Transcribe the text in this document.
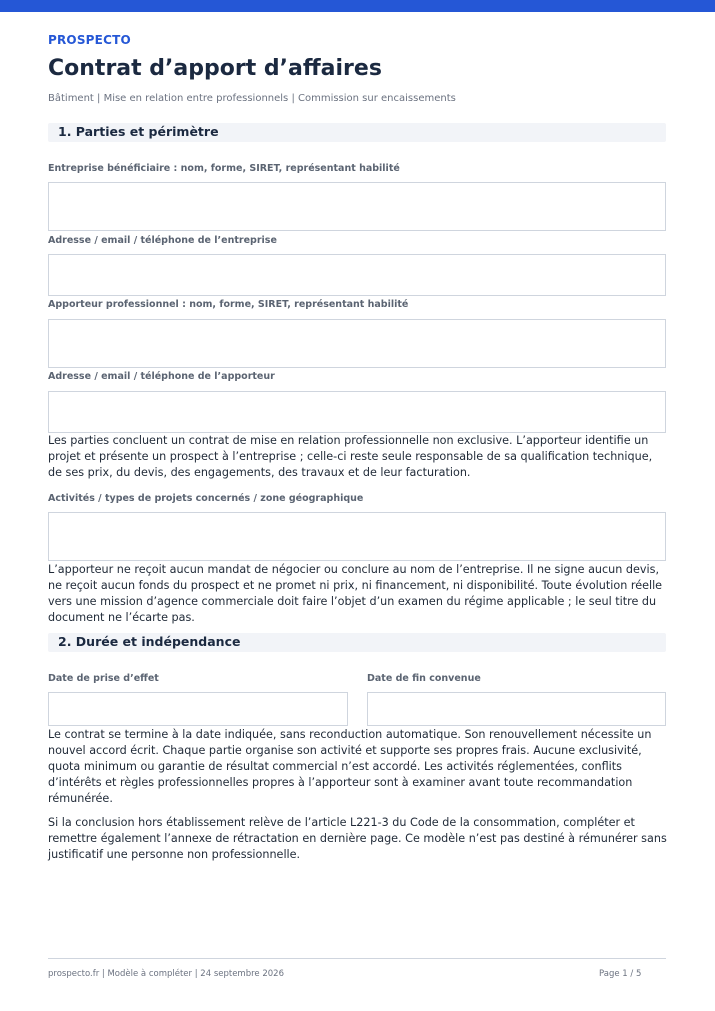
PROSPECTO
Contrat d’apport d’affaires
Bâtiment | Mise en relation entre professionnels | Commission sur encaissements
1. Parties et périmètre
Entreprise bénéficiaire : nom, forme, SIRET, représentant habilité
Adresse / email / téléphone de l’entreprise
Apporteur professionnel : nom, forme, SIRET, représentant habilité
Adresse / email / téléphone de l’apporteur
Les parties concluent un contrat de mise en relation professionnelle non exclusive. L’apporteur identifie un projet et présente un prospect à l’entreprise ; celle-ci reste seule responsable de sa qualification technique, de ses prix, du devis, des engagements, des travaux et de leur facturation.
Activités / types de projets concernés / zone géographique
L’apporteur ne reçoit aucun mandat de négocier ou conclure au nom de l’entreprise. Il ne signe aucun devis, ne reçoit aucun fonds du prospect et ne promet ni prix, ni financement, ni disponibilité. Toute évolution réelle vers une mission d’agence commerciale doit faire l’objet d’un examen du régime applicable ; le seul titre du document ne l’écarte pas.
2. Durée et indépendance
Date de prise d’effet	Date de fin convenue
Le contrat se termine à la date indiquée, sans reconduction automatique. Son renouvellement nécessite un nouvel accord écrit. Chaque partie organise son activité et supporte ses propres frais. Aucune exclusivité, quota minimum ou garantie de résultat commercial n’est accordé. Les activités réglementées, conflits d’intérêts et règles professionnelles propres à l’apporteur sont à examiner avant toute recommandation rémunérée.
Si la conclusion hors établissement relève de l’article L221-3 du Code de la consommation, compléter et remettre également l’annexe de rétractation en dernière page. Ce modèle n’est pas destiné à rémunérer sans justificatif une personne non professionnelle.
prospecto.fr | Modèle à compléter | 24 septembre 2026	Page 1 / 5
